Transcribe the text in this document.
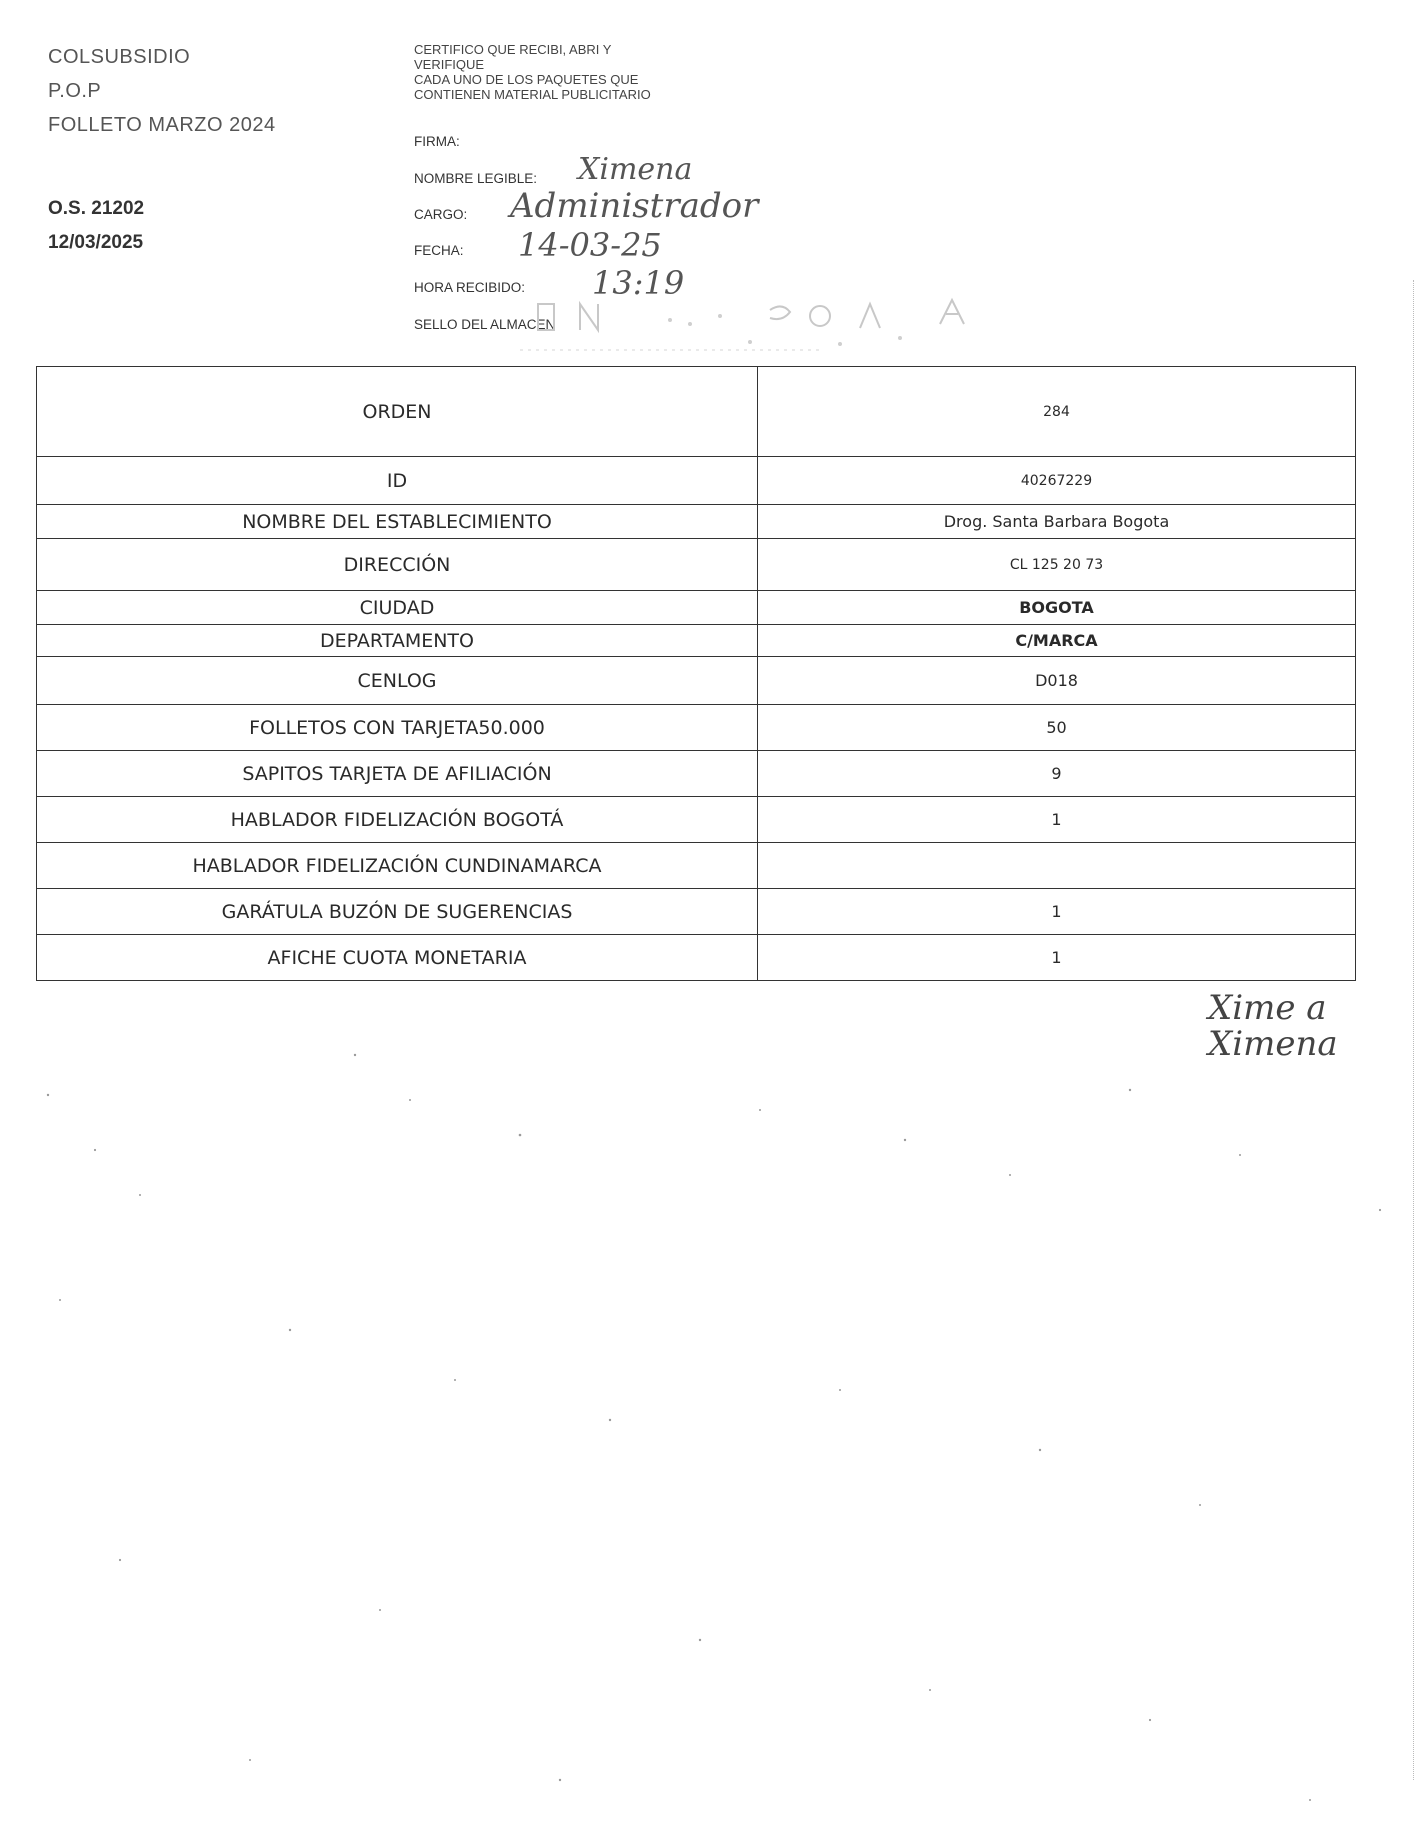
COLSUBSIDIO
P.O.P
FOLLETO MARZO 2024
O.S. 21202
12/03/2025
CERTIFICO QUE RECIBI, ABRI Y
VERIFIQUE
CADA UNO DE LOS PAQUETES QUE
CONTIENEN MATERIAL PUBLICITARIO
FIRMA:
NOMBRE LEGIBLE: Ximena
CARGO: Administrador
FECHA: 14-03-25
HORA RECIBIDO: 13:19
SELLO DEL ALMACEN
ORDEN	284
ID	40267229
NOMBRE DEL ESTABLECIMIENTO	Drog. Santa Barbara Bogota
DIRECCIÓN	CL 125 20 73
CIUDAD	BOGOTA
DEPARTAMENTO	C/MARCA
CENLOG	D018
FOLLETOS CON TARJETA50.000	50
SAPITOS TARJETA DE AFILIACIÓN	9
HABLADOR FIDELIZACIÓN BOGOTÁ	1
HABLADOR FIDELIZACIÓN CUNDINAMARCA	
GARÁTULA BUZÓN DE SUGERENCIAS	1
AFICHE CUOTA MONETARIA	1
Xime a
Ximena
